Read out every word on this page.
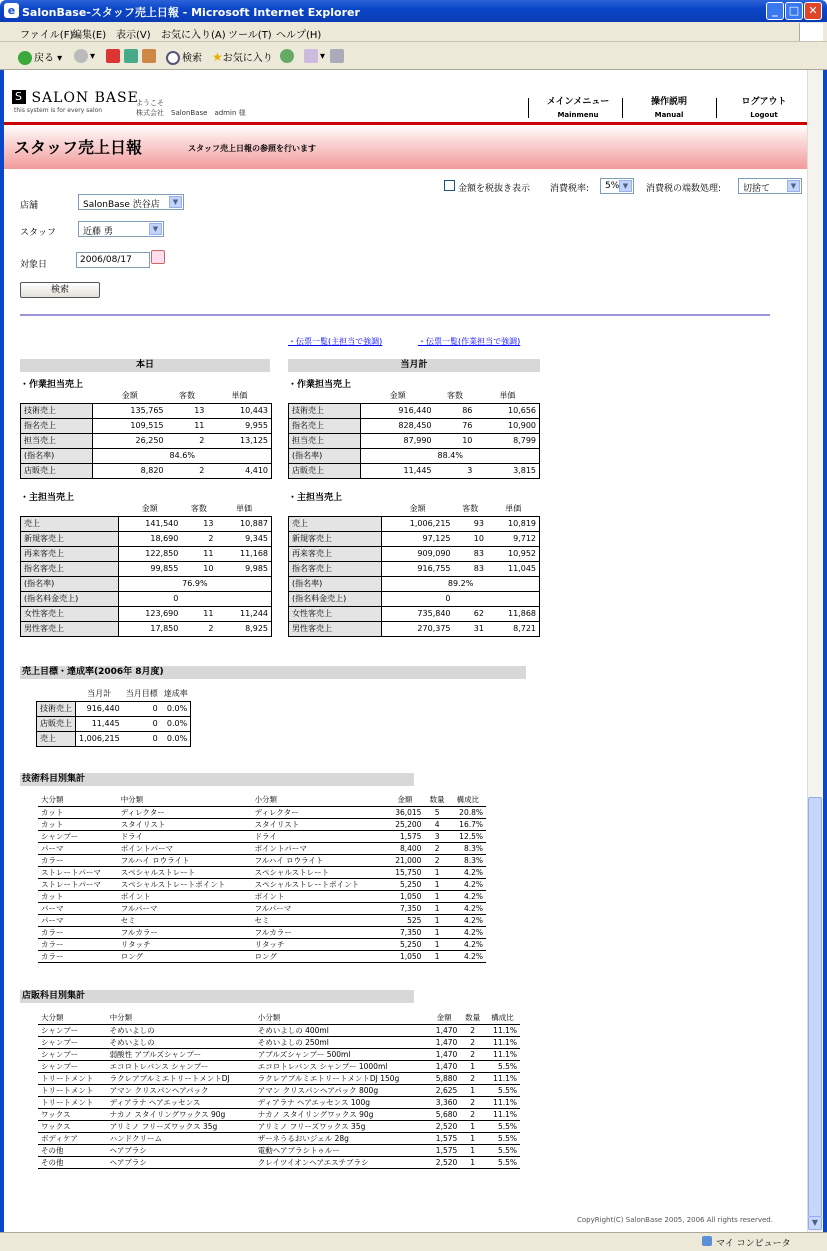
e SalonBase-スタッフ売上日報 - Microsoft Internet Explorer	_	□ ✕
ファイル(F)
編集(E) 表示(V) お気に入り(A) ツール(T) ヘルプ(H)
戻る ▾	▾	検索 ★お気に入り	▾
▼
S SALON BASE
this system is for every salon
ようこそ
株式会社　SalonBase　admin 様
メインメニュー
Mainmenu
操作説明
Manual
ログアウト
Logout
スタッフ売上日報	スタッフ売上日報の参照を行います
金額を税抜き表示 消費税率:	5% ▼	消費税の端数処理:	切捨て	▼
店舗	SalonBase 渋谷店	▼
スタッフ	近藤 勇	▼
対象日	2006/08/17
検索
・伝票一覧(主担当で強調)	・伝票一覧(作業担当で強調)
本日	当月計
・作業担当売上	・作業担当売上
・主担当売上	・主担当売上
	金額	客数	単価
技術売上	135,765	13	10,443
指名売上	109,515	11	9,955
担当売上	26,250	2	13,125
(指名率)	84.6%		
店販売上	8,820	2	4,410
	金額	客数	単価
技術売上	916,440	86	10,656
指名売上	828,450	76	10,900
担当売上	87,990	10	8,799
(指名率)	88.4%		
店販売上	11,445	3	3,815
	金額	客数	単価
売上	141,540	13	10,887
新規客売上	18,690	2	9,345
再来客売上	122,850	11	11,168
指名客売上	99,855	10	9,985
(指名率)	76.9%		
(指名料金売上)	0		
女性客売上	123,690	11	11,244
男性客売上	17,850	2	8,925
	金額	客数	単価
売上	1,006,215	93	10,819
新規客売上	97,125	10	9,712
再来客売上	909,090	83	10,952
指名客売上	916,755	83	11,045
(指名率)	89.2%		
(指名料金売上)	0		
女性客売上	735,840	62	11,868
男性客売上	270,375	31	8,721
売上目標・達成率(2006年 8月度)
	当月計	当月目標	達成率
技術売上	916,440	0	0.0%
店販売上	11,445	0	0.0%
売上	1,006,215	0	0.0%
技術科目別集計
大分類	中分類	小分類	金額	数量	構成比
カット	ディレクター	ディレクター	36,015	5	20.8%
カット	スタイリスト	スタイリスト	25,200	4	16.7%
シャンプー	ドライ	ドライ	1,575	3	12.5%
パーマ	ポイントパーマ	ポイントパーマ	8,400	2	8.3%
カラー	フルハイ ロウライト	フルハイ ロウライト	21,000	2	8.3%
ストレートパーマ	スペシャルストレート	スペシャルストレート	15,750	1	4.2%
ストレートパーマ	スペシャルストレートポイント	スペシャルストレートポイント	5,250	1	4.2%
カット	ポイント	ポイント	1,050	1	4.2%
パーマ	フルパーマ	フルパーマ	7,350	1	4.2%
パーマ	セミ	セミ	525	1	4.2%
カラー	フルカラー	フルカラー	7,350	1	4.2%
カラー	リタッチ	リタッチ	5,250	1	4.2%
カラー	ロング	ロング	1,050	1	4.2%
店販科目別集計
大分類	中分類	小分類	金額	数量	構成比
シャンプー	そめいよしの	そめいよしの 400ml	1,470	2	11.1%
シャンプー	そめいよしの	そめいよしの 250ml	1,470	2	11.1%
シャンプー	弱酸性 アブルズシャンプー	アブルズシャンプー 500ml	1,470	2	11.1%
シャンプー	エコロトレバンス シャンプー	エコロトレバンス シャンプー 1000ml	1,470	1	5.5%
トリートメント	ラクレアブルミエトリートメントDJ	ラクレアブルミエトリートメントDJ 150g	5,880	2	11.1%
トリートメント	アマン クリスパンヘアパック	アマン クリスパンヘアパック 800g	2,625	1	5.5%
トリートメント	ディアラナ ヘアエッセンス	ディアラナ ヘアエッセンス 100g	3,360	2	11.1%
ワックス	ナカノ スタイリングワックス 90g	ナカノ スタイリングワックス 90g	5,680	2	11.1%
ワックス	アリミノ フリーズワックス 35g	アリミノ フリーズワックス 35g	2,520	1	5.5%
ボディケア	ハンドクリーム	ザーネうるおいジェル 28g	1,575	1	5.5%
その他	ヘアブラシ	電動ヘアブラシトゥルー	1,575	1	5.5%
その他	ヘアブラシ	クレイツイオンヘアエステブラシ	2,520	1	5.5%
CopyRight(C) SalonBase 2005, 2006 All rights reserved.
マイ コンピュータ
